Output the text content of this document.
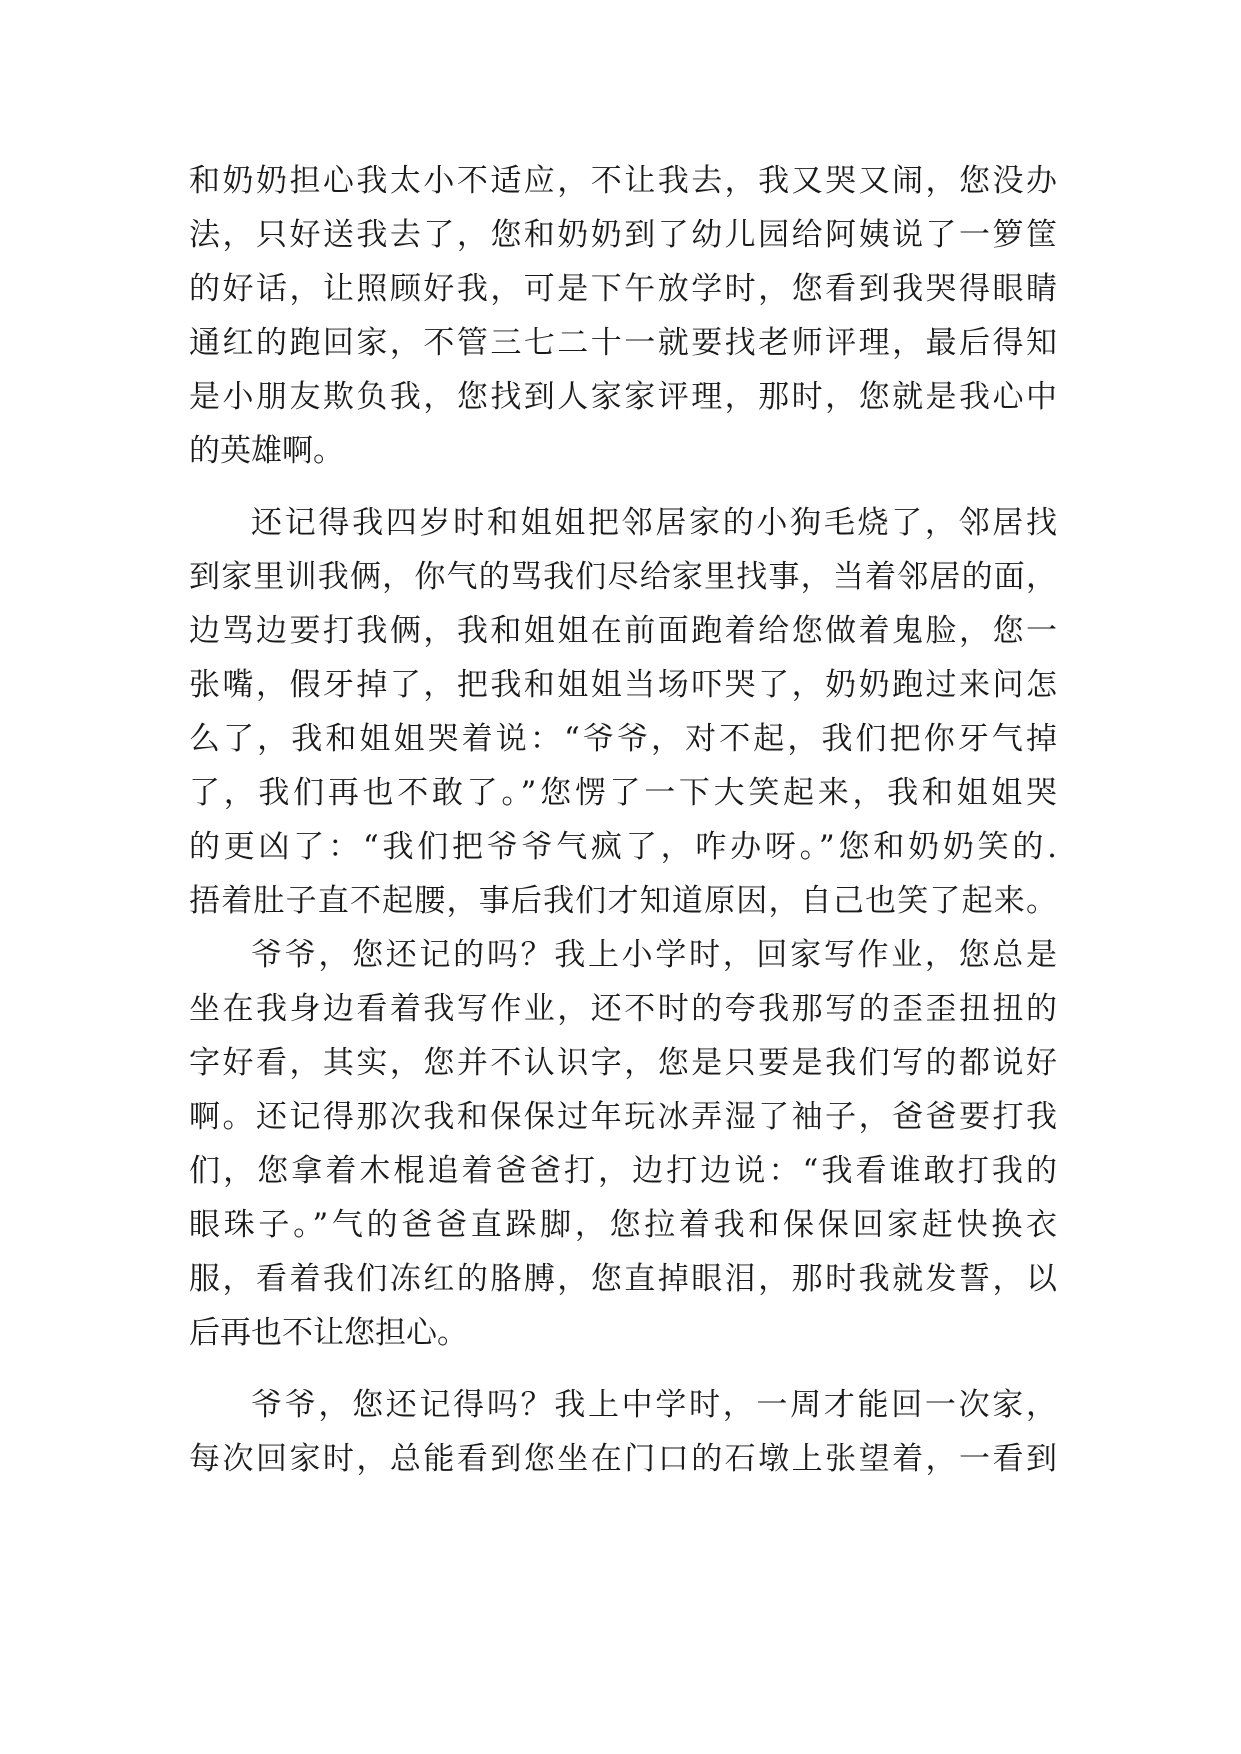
和奶奶担心我太小不适应，不让我去，我又哭又闹，您没办
法，只好送我去了，您和奶奶到了幼儿园给阿姨说了一箩筐
的好话，让照顾好我，可是下午放学时，您看到我哭得眼睛
通红的跑回家，不管三七二十一就要找老师评理，最后得知
是小朋友欺负我，您找到人家家评理，那时，您就是我心中
的英雄啊。
还记得我四岁时和姐姐把邻居家的小狗毛烧了，邻居找
到家里训我俩，你气的骂我们尽给家里找事，当着邻居的面，
边骂边要打我俩，我和姐姐在前面跑着给您做着鬼脸，您一
张嘴，假牙掉了，把我和姐姐当场吓哭了，奶奶跑过来问怎
么了，我和姐姐哭着说：“爷爷，对不起，我们把你牙气掉
了，我们再也不敢了。”您愣了一下大笑起来，我和姐姐哭
的更凶了：“我们把爷爷气疯了，咋办呀。”您和奶奶笑的.
捂着肚子直不起腰，事后我们才知道原因，自己也笑了起来。
爷爷，您还记的吗？我上小学时，回家写作业，您总是
坐在我身边看着我写作业，还不时的夸我那写的歪歪扭扭的
字好看，其实，您并不认识字，您是只要是我们写的都说好
啊。还记得那次我和保保过年玩冰弄湿了袖子，爸爸要打我
们，您拿着木棍追着爸爸打，边打边说：“我看谁敢打我的
眼珠子。”气的爸爸直跺脚，您拉着我和保保回家赶快换衣
服，看着我们冻红的胳膊，您直掉眼泪，那时我就发誓，以
后再也不让您担心。
爷爷，您还记得吗？我上中学时，一周才能回一次家，
每次回家时，总能看到您坐在门口的石墩上张望着，一看到
